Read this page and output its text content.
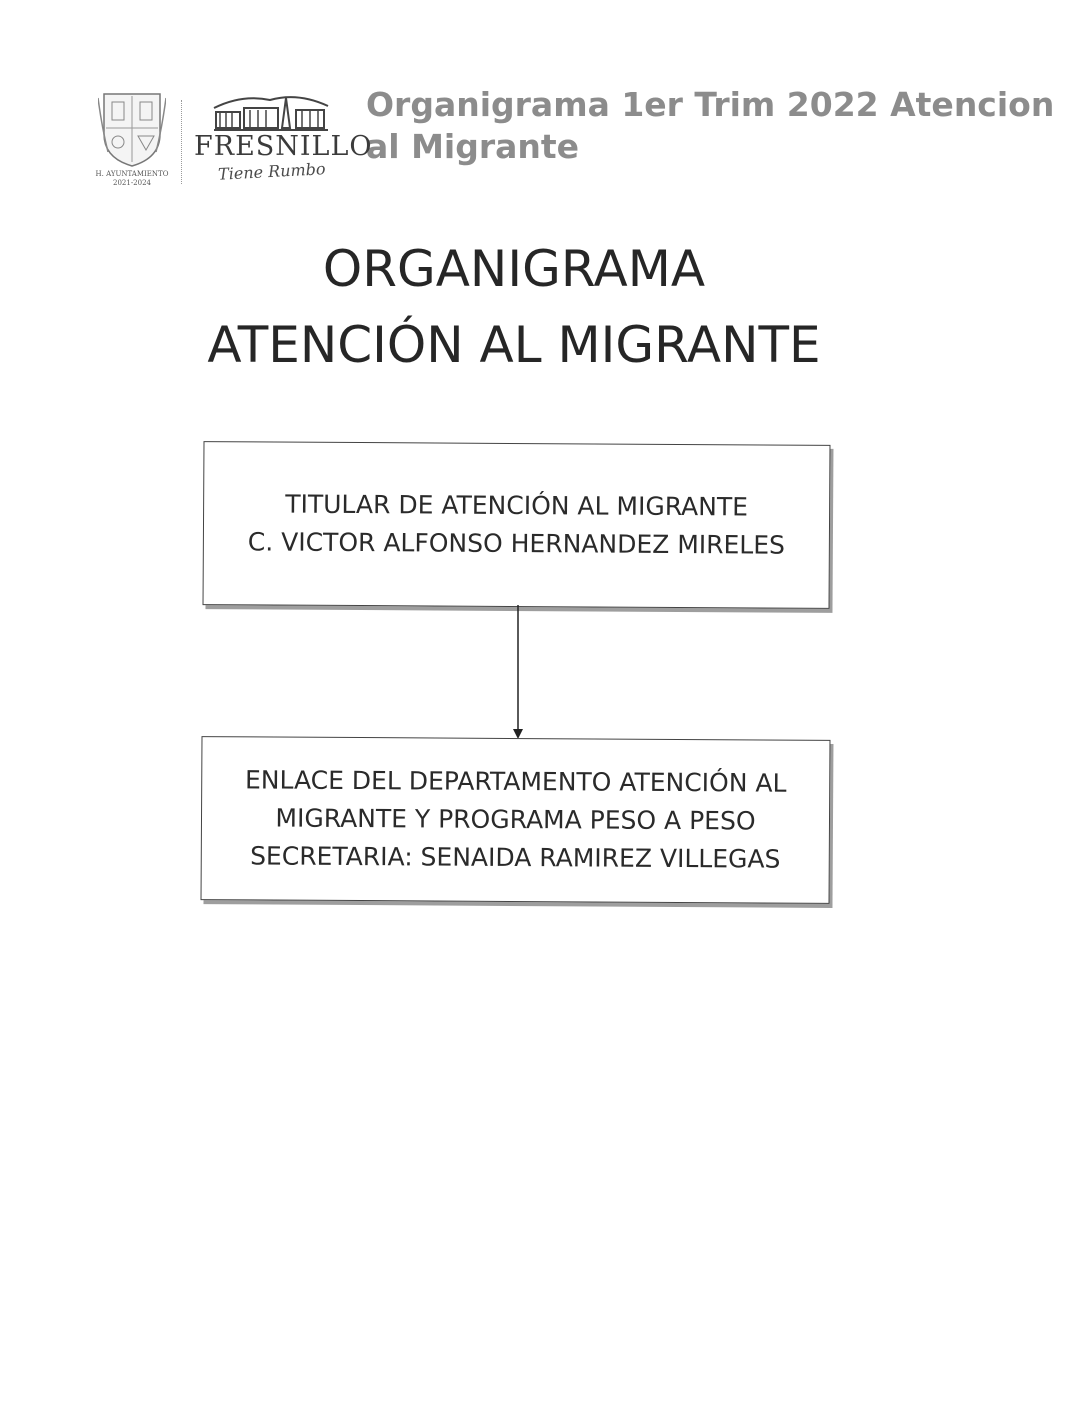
Organigrama 1er Trim 2022 Atencion al Migrante
H. AYUNTAMIENTO
2021-2024
FRESNILLO
Tiene Rumbo
ORGANIGRAMA
ATENCIÓN AL MIGRANTE
TITULAR DE ATENCIÓN AL MIGRANTE
C. VICTOR ALFONSO HERNANDEZ MIRELES
ENLACE DEL DEPARTAMENTO ATENCIÓN AL
MIGRANTE Y PROGRAMA PESO A PESO
SECRETARIA: SENAIDA RAMIREZ VILLEGAS
